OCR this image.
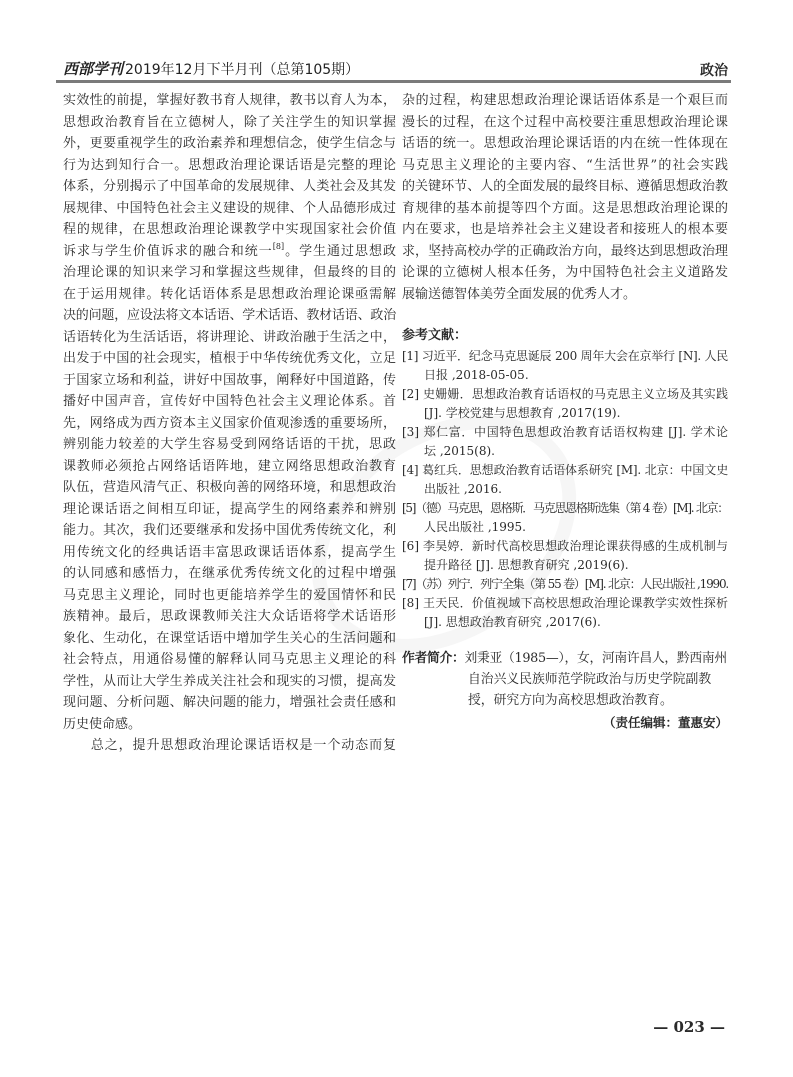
西部学刊 2019年12月下半月刊（总第105期）	政治
实效性的前提，掌握好教书育人规律，教书以育人为本，
思想政治教育旨在立德树人，除了关注学生的知识掌握
外，更要重视学生的政治素养和理想信念，使学生信念与
行为达到知行合一。思想政治理论课话语是完整的理论
体系，分别揭示了中国革命的发展规律、人类社会及其发
展规律、中国特色社会主义建设的规律、个人品德形成过
程的规律，在思想政治理论课教学中实现国家社会价值
诉求与学生价值诉求的融合和统一[8]。学生通过思想政
治理论课的知识来学习和掌握这些规律，但最终的目的
在于运用规律。转化话语体系是思想政治理论课亟需解
决的问题，应设法将文本话语、学术话语、教材话语、政治
话语转化为生活话语，将讲理论、讲政治融于生活之中，
出发于中国的社会现实，植根于中华传统优秀文化，立足
于国家立场和利益，讲好中国故事，阐释好中国道路，传
播好中国声音，宣传好中国特色社会主义理论体系。首
先，网络成为西方资本主义国家价值观渗透的重要场所，
辨别能力较差的大学生容易受到网络话语的干扰，思政
课教师必须抢占网络话语阵地，建立网络思想政治教育
队伍，营造风清气正、积极向善的网络环境，和思想政治
理论课话语之间相互印证，提高学生的网络素养和辨别
能力。其次，我们还要继承和发扬中国优秀传统文化，利
用传统文化的经典话语丰富思政课话语体系，提高学生
的认同感和感悟力，在继承优秀传统文化的过程中增强
马克思主义理论，同时也更能培养学生的爱国情怀和民
族精神。最后，思政课教师关注大众话语将学术话语形
象化、生动化，在课堂话语中增加学生关心的生活问题和
社会特点，用通俗易懂的解释认同马克思主义理论的科
学性，从而让大学生养成关注社会和现实的习惯，提高发
现问题、分析问题、解决问题的能力，增强社会责任感和
历史使命感。
　　总之，提升思想政治理论课话语权是一个动态而复
杂的过程，构建思想政治理论课话语体系是一个艰巨而
漫长的过程，在这个过程中高校要注重思想政治理论课
话语的统一。思想政治理论课话语的内在统一性体现在
马克思主义理论的主要内容、“生活世界”的社会实践
的关键环节、人的全面发展的最终目标、遵循思想政治教
育规律的基本前提等四个方面。这是思想政治理论课的
内在要求，也是培养社会主义建设者和接班人的根本要
求，坚持高校办学的正确政治方向，最终达到思想政治理
论课的立德树人根本任务，为中国特色社会主义道路发
展输送德智体美劳全面发展的优秀人才。
参考文献：
[1] 习近平．纪念马克思诞辰 200 周年大会在京举行 [N]. 人民
日报 ,2018-05-05.
[2] 史姗姗．思想政治教育话语权的马克思主义立场及其实践
[J]. 学校党建与思想教育 ,2017(19).
[3] 郑仁富．中国特色思想政治教育话语权构建 [J]. 学术论
坛 ,2015(8).
[4] 葛红兵．思想政治教育话语体系研究 [M]. 北京：中国文史
出版社 ,2016.
[5]（德）马克思，恩格斯．马克思恩格斯选集（第 4 卷）[M]. 北京：
人民出版社 ,1995.
[6] 李昊婷．新时代高校思想政治理论课获得感的生成机制与
提升路径 [J]. 思想教育研究 ,2019(6).
[7]（苏）列宁．列宁全集（第 55 卷）[M]. 北京：人民出版社 ,1990.
[8] 王天民．价值视域下高校思想政治理论课教学实效性探析
[J]. 思想政治教育研究 ,2017(6).
作者简介：刘秉亚（1985—），女，河南许昌人，黔西南州
自治兴义民族师范学院政治与历史学院副教
授，研究方向为高校思想政治教育。
（责任编辑：董惠安）
— 023 —
